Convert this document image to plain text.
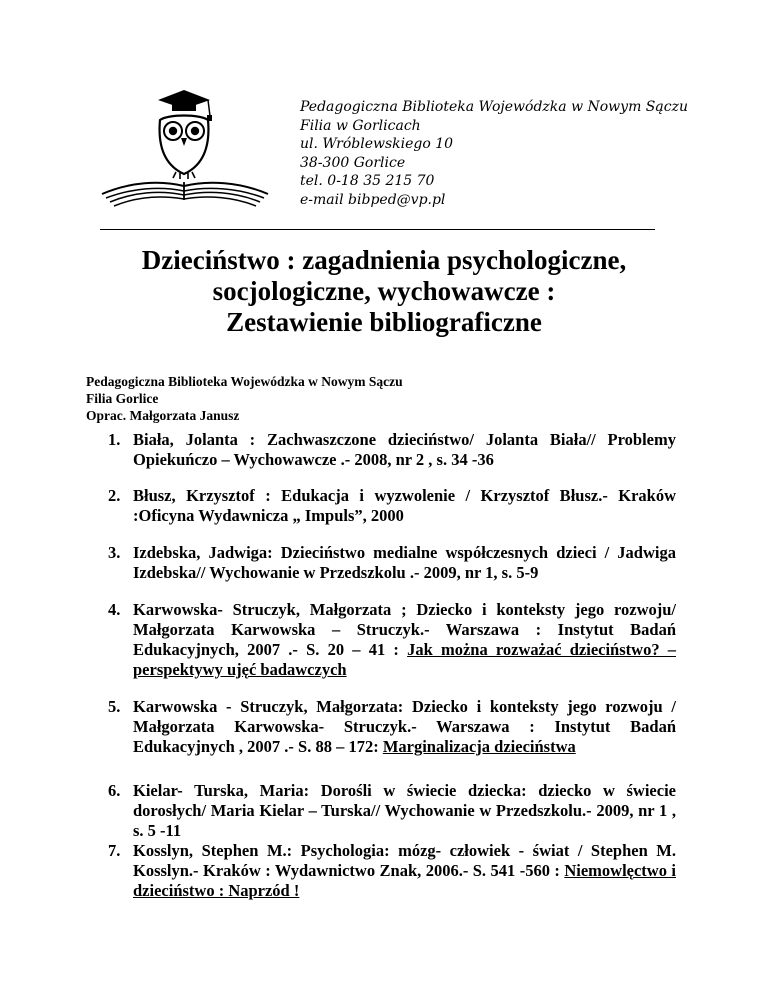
Pedagogiczna Biblioteka Wojewódzka w Nowym Sączu
Filia w Gorlicach
ul. Wróblewskiego 10
38-300 Gorlice
tel. 0-18 35 215 70
e-mail bibped@vp.pl
Dzieciństwo : zagadnienia psychologiczne,
socjologiczne, wychowawcze :
Zestawienie bibliograficzne
Pedagogiczna Biblioteka Wojewódzka w Nowym Sączu
Filia Gorlice
Oprac. Małgorzata Janusz
1. Biała, Jolanta : Zachwaszczone dzieciństwo/ Jolanta Biała// Problemy Opiekuńczo – Wychowawcze .- 2008, nr 2 , s. 34 -36
2. Błusz, Krzysztof : Edukacja i wyzwolenie / Krzysztof Błusz.- Kraków :Oficyna Wydawnicza „ Impuls”, 2000
3. Izdebska, Jadwiga: Dzieciństwo medialne współczesnych dzieci / Jadwiga Izdebska// Wychowanie w Przedszkolu .- 2009, nr 1, s. 5-9
4. Karwowska- Struczyk, Małgorzata ; Dziecko i konteksty jego rozwoju/ Małgorzata Karwowska – Struczyk.- Warszawa : Instytut Badań Edukacyjnych, 2007 .- S. 20 – 41 : Jak można rozważać dzieciństwo? – perspektywy ujęć badawczych
5. Karwowska - Struczyk, Małgorzata: Dziecko i konteksty jego rozwoju / Małgorzata Karwowska- Struczyk.- Warszawa : Instytut Badań Edukacyjnych , 2007 .- S. 88 – 172: Marginalizacja dzieciństwa
6. Kielar- Turska, Maria: Dorośli w świecie dziecka: dziecko w świecie dorosłych/ Maria Kielar – Turska// Wychowanie w Przedszkolu.- 2009, nr 1 , s. 5 -11
7. Kosslyn, Stephen M.: Psychologia: mózg- człowiek - świat / Stephen M. Kosslyn.- Kraków : Wydawnictwo Znak, 2006.- S. 541 -560 : Niemowlęctwo i dzieciństwo : Naprzód !
